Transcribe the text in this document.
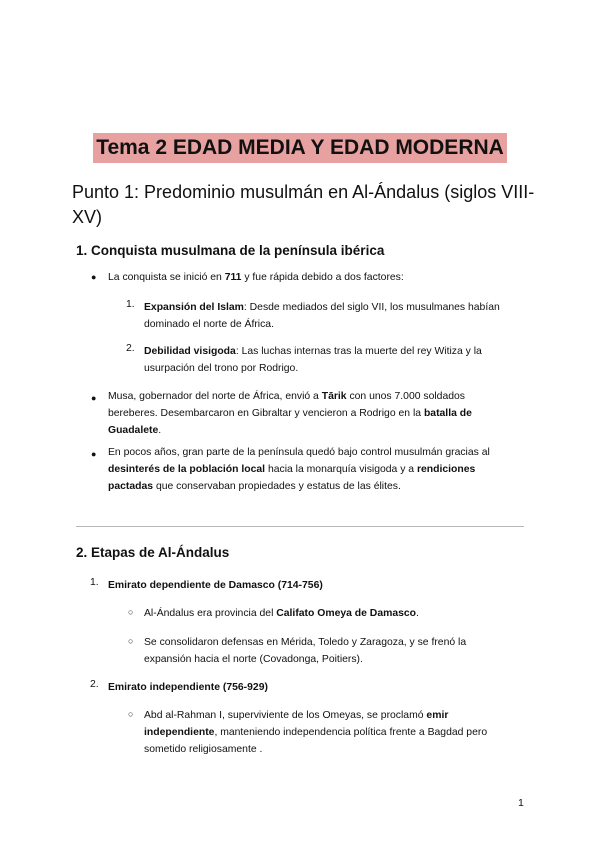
Tema 2 EDAD MEDIA Y EDAD MODERNA
Punto 1: Predominio musulmán en Al-Ándalus (siglos VIII-XV)
1. Conquista musulmana de la península ibérica
● La conquista se inició en 711 y fue rápida debido a dos factores:
1. Expansión del Islam: Desde mediados del siglo VII, los musulmanes habían
dominado el norte de África.
2. Debilidad visigoda: Las luchas internas tras la muerte del rey Witiza y la
usurpación del trono por Rodrigo.
● Musa, gobernador del norte de África, envió a Tārik con unos 7.000 soldados
bereberes. Desembarcaron en Gibraltar y vencieron a Rodrigo en la batalla de
Guadalete.
● En pocos años, gran parte de la península quedó bajo control musulmán gracias al
desinterés de la población local hacia la monarquía visigoda y a rendiciones
pactadas que conservaban propiedades y estatus de las élites.
2. Etapas de Al-Ándalus
1. Emirato dependiente de Damasco (714-756)
○ Al-Ándalus era provincia del Califato Omeya de Damasco.
○ Se consolidaron defensas en Mérida, Toledo y Zaragoza, y se frenó la
expansión hacia el norte (Covadonga, Poitiers).
2. Emirato independiente (756-929)
○ Abd al-Rahman I, superviviente de los Omeyas, se proclamó emir
independiente, manteniendo independencia política frente a Bagdad pero
sometido religiosamente .
1
